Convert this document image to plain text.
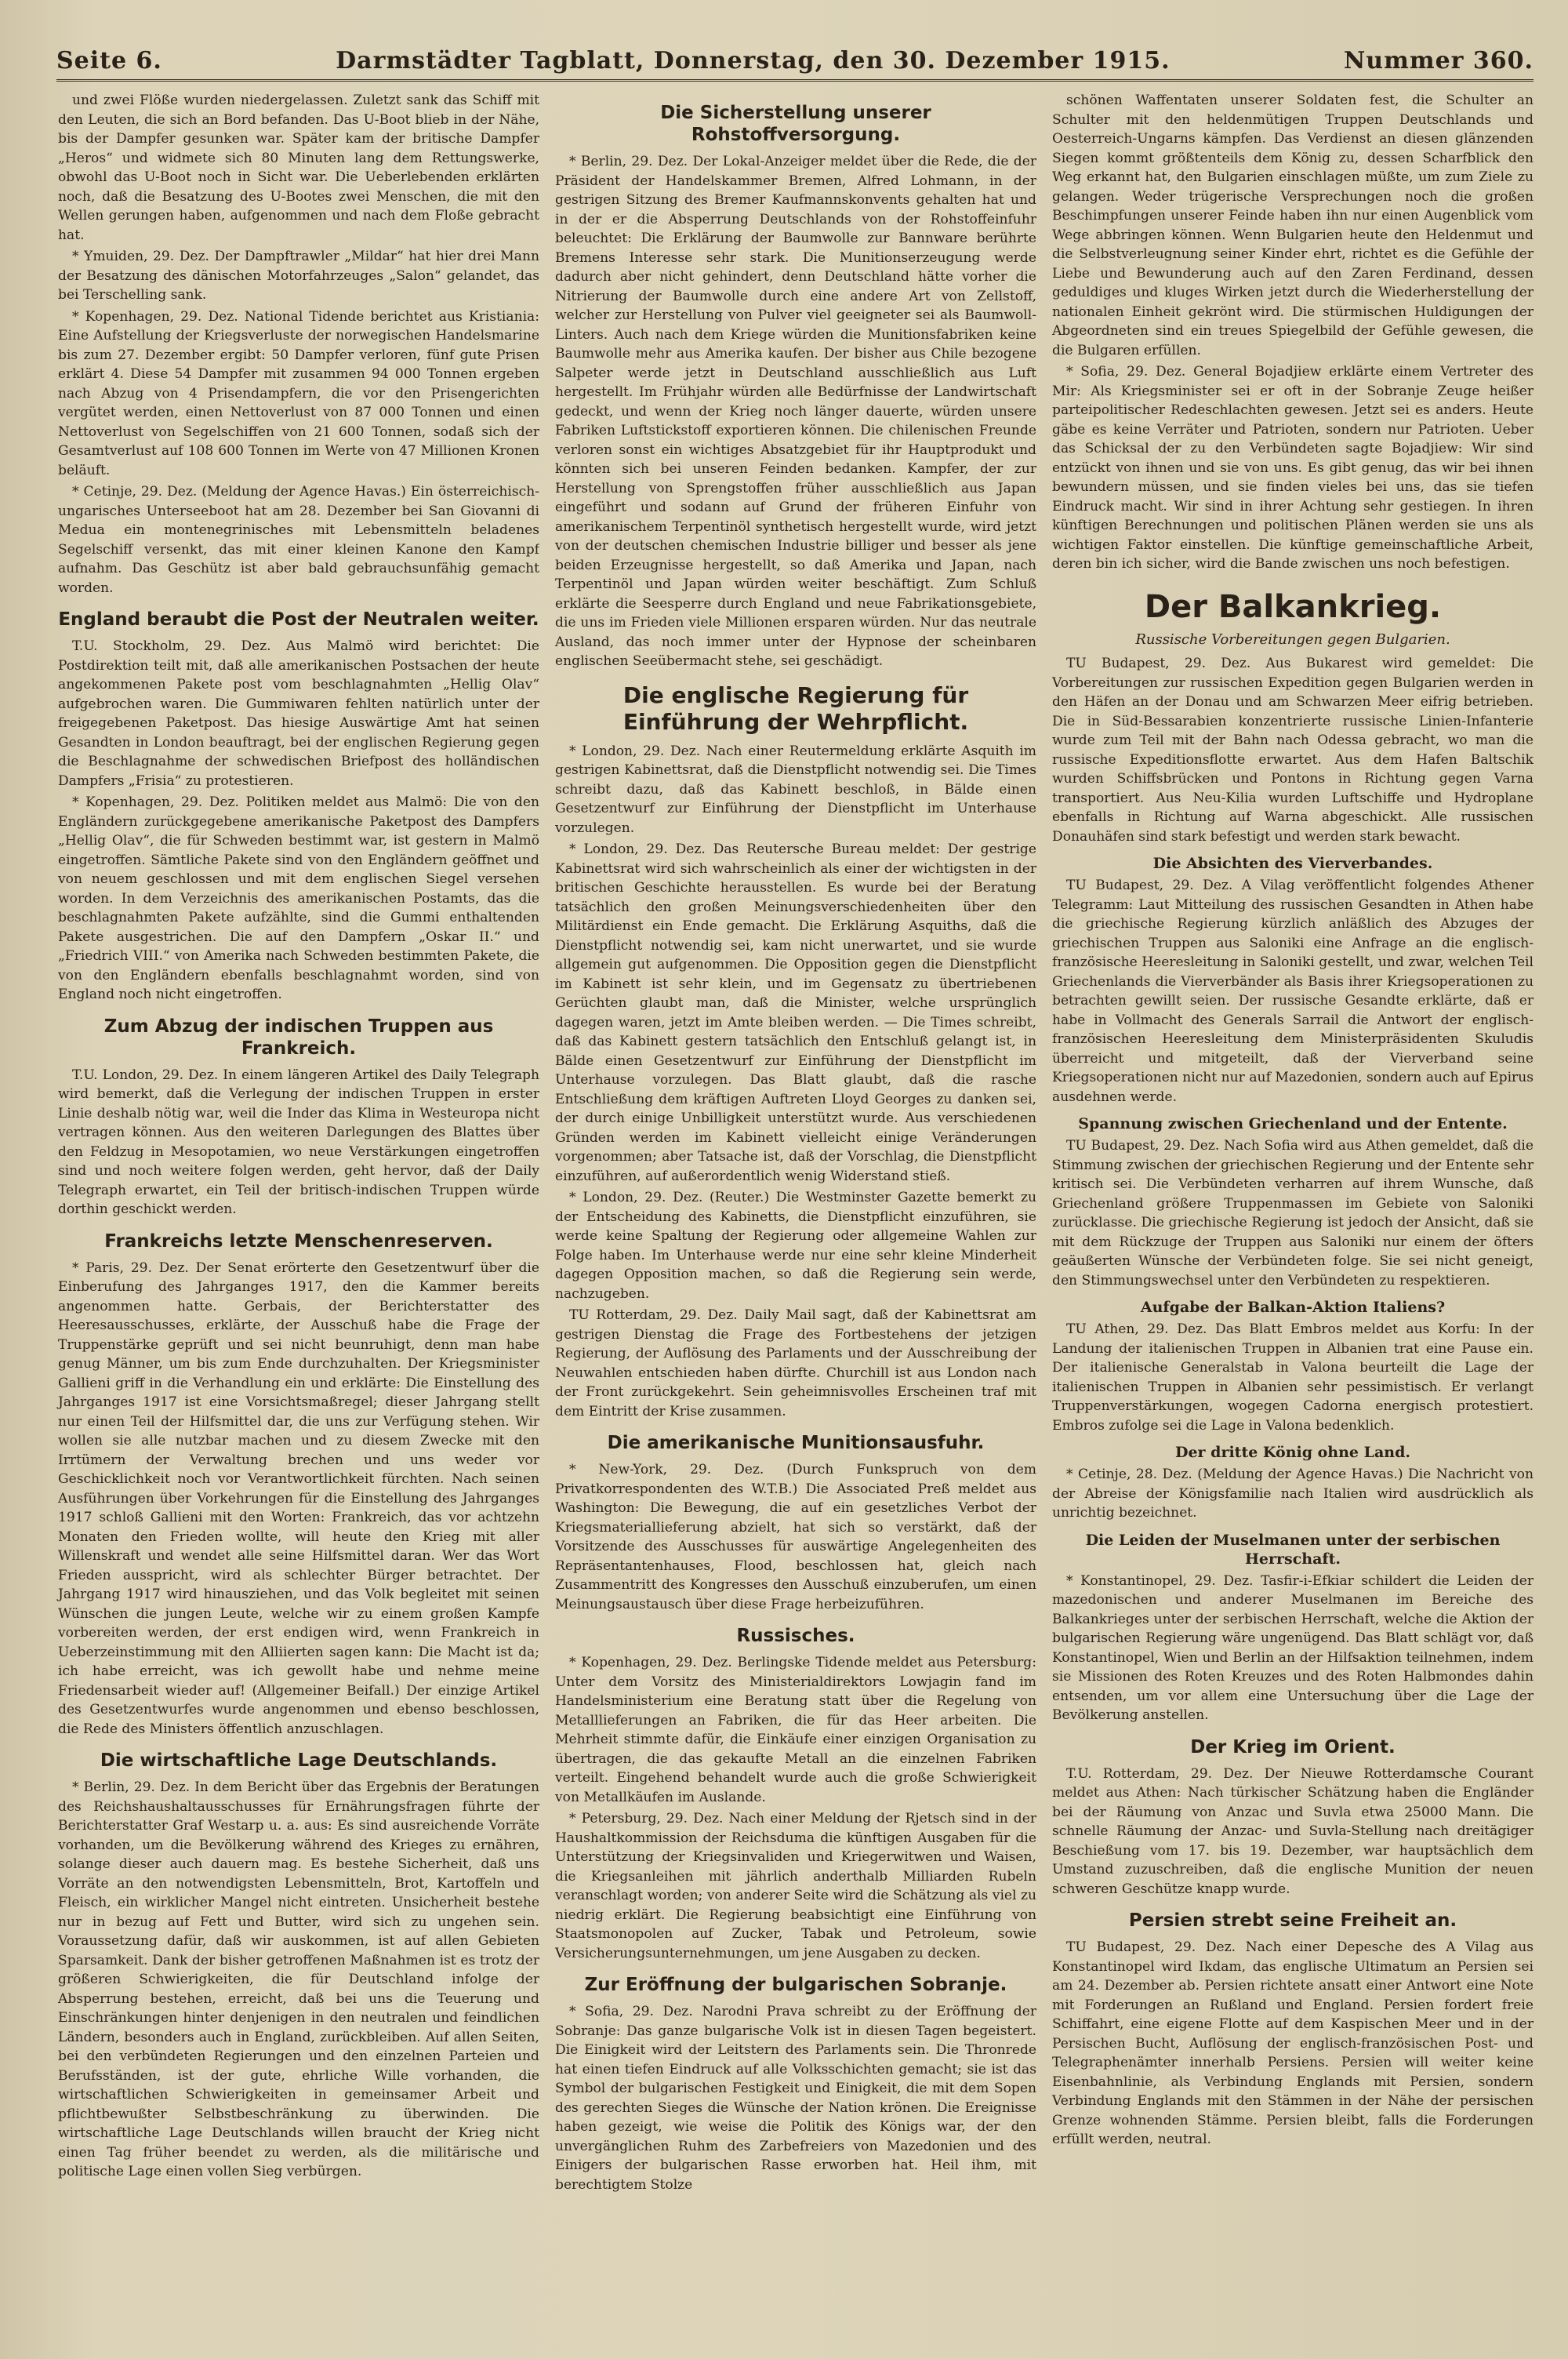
Seite 6.	Darmstädter Tagblatt, Donnerstag, den 30. Dezember 1915.	Nummer 360.

und zwei Flöße wurden niedergelassen. Zuletzt sank das Schiff mit den Leuten, die sich an Bord befanden. Das U-Boot blieb in der Nähe, bis der Dampfer gesunken war. Später kam der britische Dampfer „Heros“ und widmete sich 80 Minuten lang dem Rettungswerke, obwohl das U-Boot noch in Sicht war. Die Ueberlebenden erklärten noch, daß die Besatzung des U-Bootes zwei Menschen, die mit den Wellen gerungen haben, aufgenommen und nach dem Floße gebracht hat.

* Ymuiden, 29. Dez. Der Dampftrawler „Mildar“ hat hier drei Mann der Besatzung des dänischen Motorfahrzeuges „Salon“ gelandet, das bei Terschelling sank.

* Kopenhagen, 29. Dez. National Tidende berichtet aus Kristiania: Eine Aufstellung der Kriegsverluste der norwegischen Handelsmarine bis zum 27. Dezember ergibt: 50 Dampfer verloren, fünf gute Prisen erklärt 4. Diese 54 Dampfer mit zusammen 94 000 Tonnen ergeben nach Abzug von 4 Prisendampfern, die vor den Prisengerichten vergütet werden, einen Nettoverlust von 87 000 Tonnen und einen Nettoverlust von Segelschiffen von 21 600 Tonnen, sodaß sich der Gesamtverlust auf 108 600 Tonnen im Werte von 47 Millionen Kronen beläuft.

* Cetinje, 29. Dez. (Meldung der Agence Havas.) Ein österreichisch-ungarisches Unterseeboot hat am 28. Dezember bei San Giovanni di Medua ein montenegrinisches mit Lebensmitteln beladenes Segelschiff versenkt, das mit einer kleinen Kanone den Kampf aufnahm. Das Geschütz ist aber bald gebrauchsunfähig gemacht worden.

England beraubt die Post der Neutralen weiter.

T.U. Stockholm, 29. Dez. Aus Malmö wird berichtet: Die Postdirektion teilt mit, daß alle amerikanischen Postsachen der heute angekommenen Pakete post vom beschlagnahmten „Hellig Olav“ aufgebrochen waren. Die Gummiwaren fehlten natürlich unter der freigegebenen Paketpost. Das hiesige Auswärtige Amt hat seinen Gesandten in London beauftragt, bei der englischen Regierung gegen die Beschlagnahme der schwedischen Briefpost des holländischen Dampfers „Frisia“ zu protestieren.

* Kopenhagen, 29. Dez. Politiken meldet aus Malmö: Die von den Engländern zurückgegebene amerikanische Paketpost des Dampfers „Hellig Olav“, die für Schweden bestimmt war, ist gestern in Malmö eingetroffen. Sämtliche Pakete sind von den Engländern geöffnet und von neuem geschlossen und mit dem englischen Siegel versehen worden. In dem Verzeichnis des amerikanischen Postamts, das die beschlagnahmten Pakete aufzählte, sind die Gummi enthaltenden Pakete ausgestrichen. Die auf den Dampfern „Oskar II.“ und „Friedrich VIII.“ von Amerika nach Schweden bestimmten Pakete, die von den Engländern ebenfalls beschlagnahmt worden, sind von England noch nicht eingetroffen.

Zum Abzug der indischen Truppen aus Frankreich.

T.U. London, 29. Dez. In einem längeren Artikel des Daily Telegraph wird bemerkt, daß die Verlegung der indischen Truppen in erster Linie deshalb nötig war, weil die Inder das Klima in Westeuropa nicht vertragen können. Aus den weiteren Darlegungen des Blattes über den Feldzug in Mesopotamien, wo neue Verstärkungen eingetroffen sind und noch weitere folgen werden, geht hervor, daß der Daily Telegraph erwartet, ein Teil der britisch-indischen Truppen würde dorthin geschickt werden.

Frankreichs letzte Menschenreserven.

* Paris, 29. Dez. Der Senat erörterte den Gesetzentwurf über die Einberufung des Jahrganges 1917, den die Kammer bereits angenommen hatte. Gerbais, der Berichterstatter des Heeresausschusses, erklärte, der Ausschuß habe die Frage der Truppenstärke geprüft und sei nicht beunruhigt, denn man habe genug Männer, um bis zum Ende durchzuhalten. Der Kriegsminister Gallieni griff in die Verhandlung ein und erklärte: Die Einstellung des Jahrganges 1917 ist eine Vorsichtsmaßregel; dieser Jahrgang stellt nur einen Teil der Hilfsmittel dar, die uns zur Verfügung stehen. Wir wollen sie alle nutzbar machen und zu diesem Zwecke mit den Irrtümern der Verwaltung brechen und uns weder vor Geschicklichkeit noch vor Verantwortlichkeit fürchten. Nach seinen Ausführungen über Vorkehrungen für die Einstellung des Jahrganges 1917 schloß Gallieni mit den Worten: Frankreich, das vor achtzehn Monaten den Frieden wollte, will heute den Krieg mit aller Willenskraft und wendet alle seine Hilfsmittel daran. Wer das Wort Frieden ausspricht, wird als schlechter Bürger betrachtet. Der Jahrgang 1917 wird hinausziehen, und das Volk begleitet mit seinen Wünschen die jungen Leute, welche wir zu einem großen Kampfe vorbereiten werden, der erst endigen wird, wenn Frankreich in Ueberzeinstimmung mit den Alliierten sagen kann: Die Macht ist da; ich habe erreicht, was ich gewollt habe und nehme meine Friedensarbeit wieder auf! (Allgemeiner Beifall.) Der einzige Artikel des Gesetzentwurfes wurde angenommen und ebenso beschlossen, die Rede des Ministers öffentlich anzuschlagen.

Die wirtschaftliche Lage Deutschlands.

* Berlin, 29. Dez. In dem Bericht über das Ergebnis der Beratungen des Reichshaushaltausschusses für Ernährungsfragen führte der Berichterstatter Graf Westarp u. a. aus: Es sind ausreichende Vorräte vorhanden, um die Bevölkerung während des Krieges zu ernähren, solange dieser auch dauern mag. Es bestehe Sicherheit, daß uns Vorräte an den notwendigsten Lebensmitteln, Brot, Kartoffeln und Fleisch, ein wirklicher Mangel nicht eintreten. Unsicherheit bestehe nur in bezug auf Fett und Butter, wird sich zu ungehen sein. Voraussetzung dafür, daß wir auskommen, ist auf allen Gebieten Sparsamkeit. Dank der bisher getroffenen Maßnahmen ist es trotz der größeren Schwierigkeiten, die für Deutschland infolge der Absperrung bestehen, erreicht, daß bei uns die Teuerung und Einschränkungen hinter denjenigen in den neutralen und feindlichen Ländern, besonders auch in England, zurückbleiben. Auf allen Seiten, bei den verbündeten Regierungen und den einzelnen Parteien und Berufsständen, ist der gute, ehrliche Wille vorhanden, die wirtschaftlichen Schwierigkeiten in gemeinsamer Arbeit und pflichtbewußter Selbstbeschränkung zu überwinden. Die wirtschaftliche Lage Deutschlands willen braucht der Krieg nicht einen Tag früher beendet zu werden, als die militärische und politische Lage einen vollen Sieg verbürgen.

Die Sicherstellung unserer Rohstoffversorgung.

* Berlin, 29. Dez. Der Lokal-Anzeiger meldet über die Rede, die der Präsident der Handelskammer Bremen, Alfred Lohmann, in der gestrigen Sitzung des Bremer Kaufmannskonvents gehalten hat und in der er die Absperrung Deutschlands von der Rohstoffeinfuhr beleuchtet: Die Erklärung der Baumwolle zur Bannware berührte Bremens Interesse sehr stark. Die Munitionserzeugung werde dadurch aber nicht gehindert, denn Deutschland hätte vorher die Nitrierung der Baumwolle durch eine andere Art von Zellstoff, welcher zur Herstellung von Pulver viel geeigneter sei als Baumwoll-Linters. Auch nach dem Kriege würden die Munitionsfabriken keine Baumwolle mehr aus Amerika kaufen. Der bisher aus Chile bezogene Salpeter werde jetzt in Deutschland ausschließlich aus Luft hergestellt. Im Frühjahr würden alle Bedürfnisse der Landwirtschaft gedeckt, und wenn der Krieg noch länger dauerte, würden unsere Fabriken Luftstickstoff exportieren können. Die chilenischen Freunde verloren sonst ein wichtiges Absatzgebiet für ihr Hauptprodukt und könnten sich bei unseren Feinden bedanken. Kampfer, der zur Herstellung von Sprengstoffen früher ausschließlich aus Japan eingeführt und sodann auf Grund der früheren Einfuhr von amerikanischem Terpentinöl synthetisch hergestellt wurde, wird jetzt von der deutschen chemischen Industrie billiger und besser als jene beiden Erzeugnisse hergestellt, so daß Amerika und Japan, nach Terpentinöl und Japan würden weiter beschäftigt. Zum Schluß erklärte die Seesperre durch England und neue Fabrikationsgebiete, die uns im Frieden viele Millionen ersparen würden. Nur das neutrale Ausland, das noch immer unter der Hypnose der scheinbaren englischen Seeübermacht stehe, sei geschädigt.

Die englische Regierung für Einführung der Wehrpflicht.

* London, 29. Dez. Nach einer Reutermeldung erklärte Asquith im gestrigen Kabinettsrat, daß die Dienstpflicht notwendig sei. Die Times schreibt dazu, daß das Kabinett beschloß, in Bälde einen Gesetzentwurf zur Einführung der Dienstpflicht im Unterhause vorzulegen.

* London, 29. Dez. Das Reutersche Bureau meldet: Der gestrige Kabinettsrat wird sich wahrscheinlich als einer der wichtigsten in der britischen Geschichte herausstellen. Es wurde bei der Beratung tatsächlich den großen Meinungsverschiedenheiten über den Militärdienst ein Ende gemacht. Die Erklärung Asquiths, daß die Dienstpflicht notwendig sei, kam nicht unerwartet, und sie wurde allgemein gut aufgenommen. Die Opposition gegen die Dienstpflicht im Kabinett ist sehr klein, und im Gegensatz zu übertriebenen Gerüchten glaubt man, daß die Minister, welche ursprünglich dagegen waren, jetzt im Amte bleiben werden. — Die Times schreibt, daß das Kabinett gestern tatsächlich den Entschluß gelangt ist, in Bälde einen Gesetzentwurf zur Einführung der Dienstpflicht im Unterhause vorzulegen. Das Blatt glaubt, daß die rasche Entschließung dem kräftigen Auftreten Lloyd Georges zu danken sei, der durch einige Unbilligkeit unterstützt wurde. Aus verschiedenen Gründen werden im Kabinett vielleicht einige Veränderungen vorgenommen; aber Tatsache ist, daß der Vorschlag, die Dienstpflicht einzuführen, auf außerordentlich wenig Widerstand stieß.

* London, 29. Dez. (Reuter.) Die Westminster Gazette bemerkt zu der Entscheidung des Kabinetts, die Dienstpflicht einzuführen, sie werde keine Spaltung der Regierung oder allgemeine Wahlen zur Folge haben. Im Unterhause werde nur eine sehr kleine Minderheit dagegen Opposition machen, so daß die Regierung sein werde, nachzugeben.

TU Rotterdam, 29. Dez. Daily Mail sagt, daß der Kabinettsrat am gestrigen Dienstag die Frage des Fortbestehens der jetzigen Regierung, der Auflösung des Parlaments und der Ausschreibung der Neuwahlen entschieden haben dürfte. Churchill ist aus London nach der Front zurückgekehrt. Sein geheimnisvolles Erscheinen traf mit dem Eintritt der Krise zusammen.

Die amerikanische Munitionsausfuhr.

* New-York, 29. Dez. (Durch Funkspruch von dem Privatkorrespondenten des W.T.B.) Die Associated Preß meldet aus Washington: Die Bewegung, die auf ein gesetzliches Verbot der Kriegsmateriallieferung abzielt, hat sich so verstärkt, daß der Vorsitzende des Ausschusses für auswärtige Angelegenheiten des Repräsentantenhauses, Flood, beschlossen hat, gleich nach Zusammentritt des Kongresses den Ausschuß einzuberufen, um einen Meinungsaustausch über diese Frage herbeizuführen.

Russisches.

* Kopenhagen, 29. Dez. Berlingske Tidende meldet aus Petersburg: Unter dem Vorsitz des Ministerialdirektors Lowjagin fand im Handelsministerium eine Beratung statt über die Regelung von Metalllieferungen an Fabriken, die für das Heer arbeiten. Die Mehrheit stimmte dafür, die Einkäufe einer einzigen Organisation zu übertragen, die das gekaufte Metall an die einzelnen Fabriken verteilt. Eingehend behandelt wurde auch die große Schwierigkeit von Metallkäufen im Auslande.

* Petersburg, 29. Dez. Nach einer Meldung der Rjetsch sind in der Haushaltkommission der Reichsduma die künftigen Ausgaben für die Unterstützung der Kriegsinvaliden und Kriegerwitwen und Waisen, die Kriegsanleihen mit jährlich anderthalb Milliarden Rubeln veranschlagt worden; von anderer Seite wird die Schätzung als viel zu niedrig erklärt. Die Regierung beabsichtigt eine Einführung von Staatsmonopolen auf Zucker, Tabak und Petroleum, sowie Versicherungsunternehmungen, um jene Ausgaben zu decken.

Zur Eröffnung der bulgarischen Sobranje.

* Sofia, 29. Dez. Narodni Prava schreibt zu der Eröffnung der Sobranje: Das ganze bulgarische Volk ist in diesen Tagen begeistert. Die Einigkeit wird der Leitstern des Parlaments sein. Die Thronrede hat einen tiefen Eindruck auf alle Volksschichten gemacht; sie ist das Symbol der bulgarischen Festigkeit und Einigkeit, die mit dem Sopen des gerechten Sieges die Wünsche der Nation krönen. Die Ereignisse haben gezeigt, wie weise die Politik des Königs war, der den unvergänglichen Ruhm des Zarbefreiers von Mazedonien und des Einigers der bulgarischen Rasse erworben hat. Heil ihm, mit berechtigtem Stolze

schönen Waffentaten unserer Soldaten fest, die Schulter an Schulter mit den heldenmütigen Truppen Deutschlands und Oesterreich-Ungarns kämpfen. Das Verdienst an diesen glänzenden Siegen kommt größtenteils dem König zu, dessen Scharfblick den Weg erkannt hat, den Bulgarien einschlagen müßte, um zum Ziele zu gelangen. Weder trügerische Versprechungen noch die großen Beschimpfungen unserer Feinde haben ihn nur einen Augenblick vom Wege abbringen können. Wenn Bulgarien heute den Heldenmut und die Selbstverleugnung seiner Kinder ehrt, richtet es die Gefühle der Liebe und Bewunderung auch auf den Zaren Ferdinand, dessen geduldiges und kluges Wirken jetzt durch die Wiederherstellung der nationalen Einheit gekrönt wird. Die stürmischen Huldigungen der Abgeordneten sind ein treues Spiegelbild der Gefühle gewesen, die die Bulgaren erfüllen.

* Sofia, 29. Dez. General Bojadjiew erklärte einem Vertreter des Mir: Als Kriegsminister sei er oft in der Sobranje Zeuge heißer parteipolitischer Redeschlachten gewesen. Jetzt sei es anders. Heute gäbe es keine Verräter und Patrioten, sondern nur Patrioten. Ueber das Schicksal der zu den Verbündeten sagte Bojadjiew: Wir sind entzückt von ihnen und sie von uns. Es gibt genug, das wir bei ihnen bewundern müssen, und sie finden vieles bei uns, das sie tiefen Eindruck macht. Wir sind in ihrer Achtung sehr gestiegen. In ihren künftigen Berechnungen und politischen Plänen werden sie uns als wichtigen Faktor einstellen. Die künftige gemeinschaftliche Arbeit, deren bin ich sicher, wird die Bande zwischen uns noch befestigen.

Der Balkankrieg.
Russische Vorbereitungen gegen Bulgarien.

TU Budapest, 29. Dez. Aus Bukarest wird gemeldet: Die Vorbereitungen zur russischen Expedition gegen Bulgarien werden in den Häfen an der Donau und am Schwarzen Meer eifrig betrieben. Die in Süd-Bessarabien konzentrierte russische Linien-Infanterie wurde zum Teil mit der Bahn nach Odessa gebracht, wo man die russische Expeditionsflotte erwartet. Aus dem Hafen Baltschik wurden Schiffsbrücken und Pontons in Richtung gegen Varna transportiert. Aus Neu-Kilia wurden Luftschiffe und Hydroplane ebenfalls in Richtung auf Warna abgeschickt. Alle russischen Donauhäfen sind stark befestigt und werden stark bewacht.

Die Absichten des Vierverbandes.

TU Budapest, 29. Dez. A Vilag veröffentlicht folgendes Athener Telegramm: Laut Mitteilung des russischen Gesandten in Athen habe die griechische Regierung kürzlich anläßlich des Abzuges der griechischen Truppen aus Saloniki eine Anfrage an die englisch-französische Heeresleitung in Saloniki gestellt, und zwar, welchen Teil Griechenlands die Vierverbänder als Basis ihrer Kriegsoperationen zu betrachten gewillt seien. Der russische Gesandte erklärte, daß er habe in Vollmacht des Generals Sarrail die Antwort der englisch-französischen Heeresleitung dem Ministerpräsidenten Skuludis überreicht und mitgeteilt, daß der Vierverband seine Kriegsoperationen nicht nur auf Mazedonien, sondern auch auf Epirus ausdehnen werde.

Spannung zwischen Griechenland und der Entente.

TU Budapest, 29. Dez. Nach Sofia wird aus Athen gemeldet, daß die Stimmung zwischen der griechischen Regierung und der Entente sehr kritisch sei. Die Verbündeten verharren auf ihrem Wunsche, daß Griechenland größere Truppenmassen im Gebiete von Saloniki zurücklasse. Die griechische Regierung ist jedoch der Ansicht, daß sie mit dem Rückzuge der Truppen aus Saloniki nur einem der öfters geäußerten Wünsche der Verbündeten folge. Sie sei nicht geneigt, den Stimmungswechsel unter den Verbündeten zu respektieren.

Aufgabe der Balkan-Aktion Italiens?

TU Athen, 29. Dez. Das Blatt Embros meldet aus Korfu: In der Landung der italienischen Truppen in Albanien trat eine Pause ein. Der italienische Generalstab in Valona beurteilt die Lage der italienischen Truppen in Albanien sehr pessimistisch. Er verlangt Truppenverstärkungen, wogegen Cadorna energisch protestiert. Embros zufolge sei die Lage in Valona bedenklich.

Der dritte König ohne Land.

* Cetinje, 28. Dez. (Meldung der Agence Havas.) Die Nachricht von der Abreise der Königsfamilie nach Italien wird ausdrücklich als unrichtig bezeichnet.

Die Leiden der Muselmanen unter der serbischen Herrschaft.

* Konstantinopel, 29. Dez. Tasfir-i-Efkiar schildert die Leiden der mazedonischen und anderer Muselmanen im Bereiche des Balkankrieges unter der serbischen Herrschaft, welche die Aktion der bulgarischen Regierung wäre ungenügend. Das Blatt schlägt vor, daß Konstantinopel, Wien und Berlin an der Hilfsaktion teilnehmen, indem sie Missionen des Roten Kreuzes und des Roten Halbmondes dahin entsenden, um vor allem eine Untersuchung über die Lage der Bevölkerung anstellen.

Der Krieg im Orient.

T.U. Rotterdam, 29. Dez. Der Nieuwe Rotterdamsche Courant meldet aus Athen: Nach türkischer Schätzung haben die Engländer bei der Räumung von Anzac und Suvla etwa 25000 Mann. Die schnelle Räumung der Anzac- und Suvla-Stellung nach dreitägiger Beschießung vom 17. bis 19. Dezember, war hauptsächlich dem Umstand zuzuschreiben, daß die englische Munition der neuen schweren Geschütze knapp wurde.

Persien strebt seine Freiheit an.

TU Budapest, 29. Dez. Nach einer Depesche des A Vilag aus Konstantinopel wird Ikdam, das englische Ultimatum an Persien sei am 24. Dezember ab. Persien richtete ansatt einer Antwort eine Note mit Forderungen an Rußland und England. Persien fordert freie Schiffahrt, eine eigene Flotte auf dem Kaspischen Meer und in der Persischen Bucht, Auflösung der englisch-französischen Post- und Telegraphenämter innerhalb Persiens. Persien will weiter keine Eisenbahnlinie, als Verbindung Englands mit Persien, sondern Verbindung Englands mit den Stämmen in der Nähe der persischen Grenze wohnenden Stämme. Persien bleibt, falls die Forderungen erfüllt werden, neutral.
